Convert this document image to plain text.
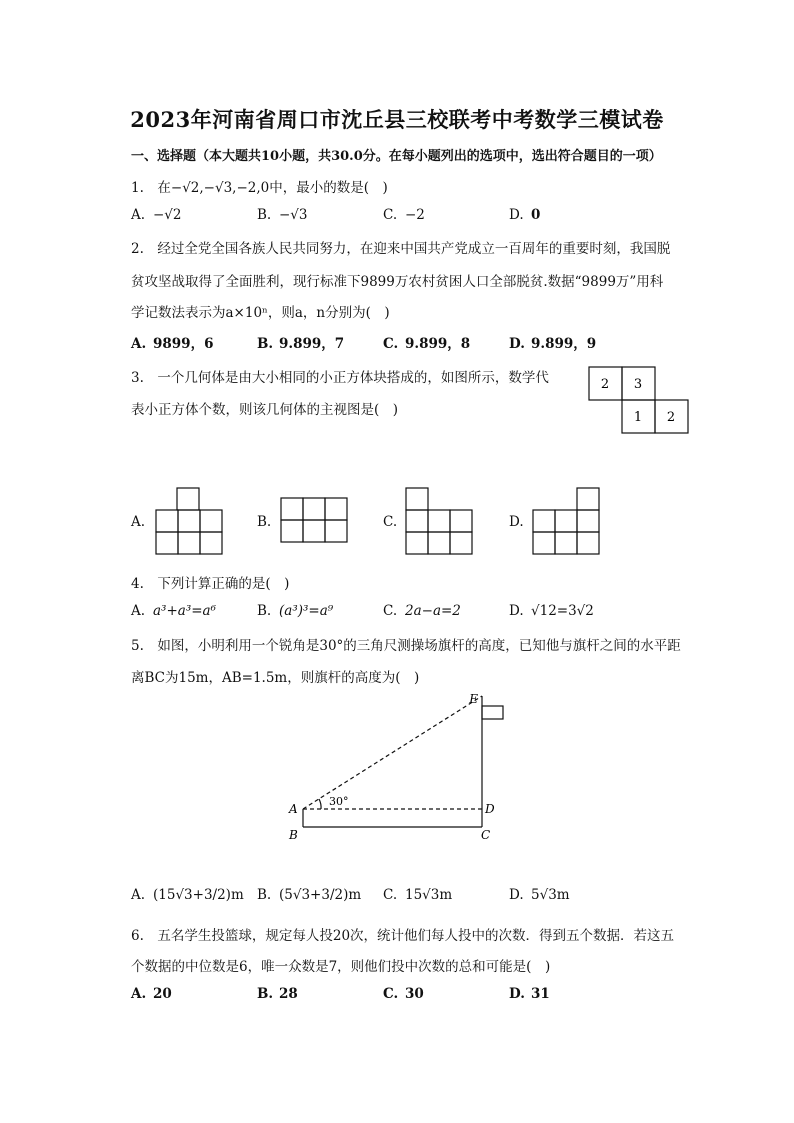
2023年河南省周口市沈丘县三校联考中考数学三模试卷
一、选择题（本大题共10小题，共30.0分。在每小题列出的选项中，选出符合题目的一项）
1.　在−√2,−√3,−2,0中，最小的数是(　)
A. −√2	B. −√3	C. −2	D. 0
2.　经过全党全国各族人民共同努力，在迎来中国共产党成立一百周年的重要时刻，我国脱
贫攻坚战取得了全面胜利，现行标准下9899万农村贫困人口全部脱贫.数据“9899万”用科
学记数法表示为a×10ⁿ，则a，n分别为(　)
A. 9899，6	B. 9.899，7	C. 9.899，8	D. 9.899，9
3.　一个几何体是由大小相同的小正方体块搭成的，如图所示，数学代
表小正方体个数，则该几何体的主视图是(　)
2 3
1 2
A.	B.	C.	D.
4.　下列计算正确的是(　)
A. a³+a³=a⁶	B. (a³)³=a⁹	C. 2a−a=2	D. √12=3√2
5.　如图，小明利用一个锐角是30°的三角尺测操场旗杆的高度，已知他与旗杆之间的水平距
离BC为15m，AB=1.5m，则旗杆的高度为(　)
E
A	D
B	C
30°
A. (15√3+3/2)m B. (5√3+3/2)m C. 15√3m	D. 5√3m
6.　五名学生投篮球，规定每人投20次，统计他们每人投中的次数．得到五个数据．若这五
个数据的中位数是6，唯一众数是7，则他们投中次数的总和可能是(　)
A. 20	B. 28	C. 30	D. 31
